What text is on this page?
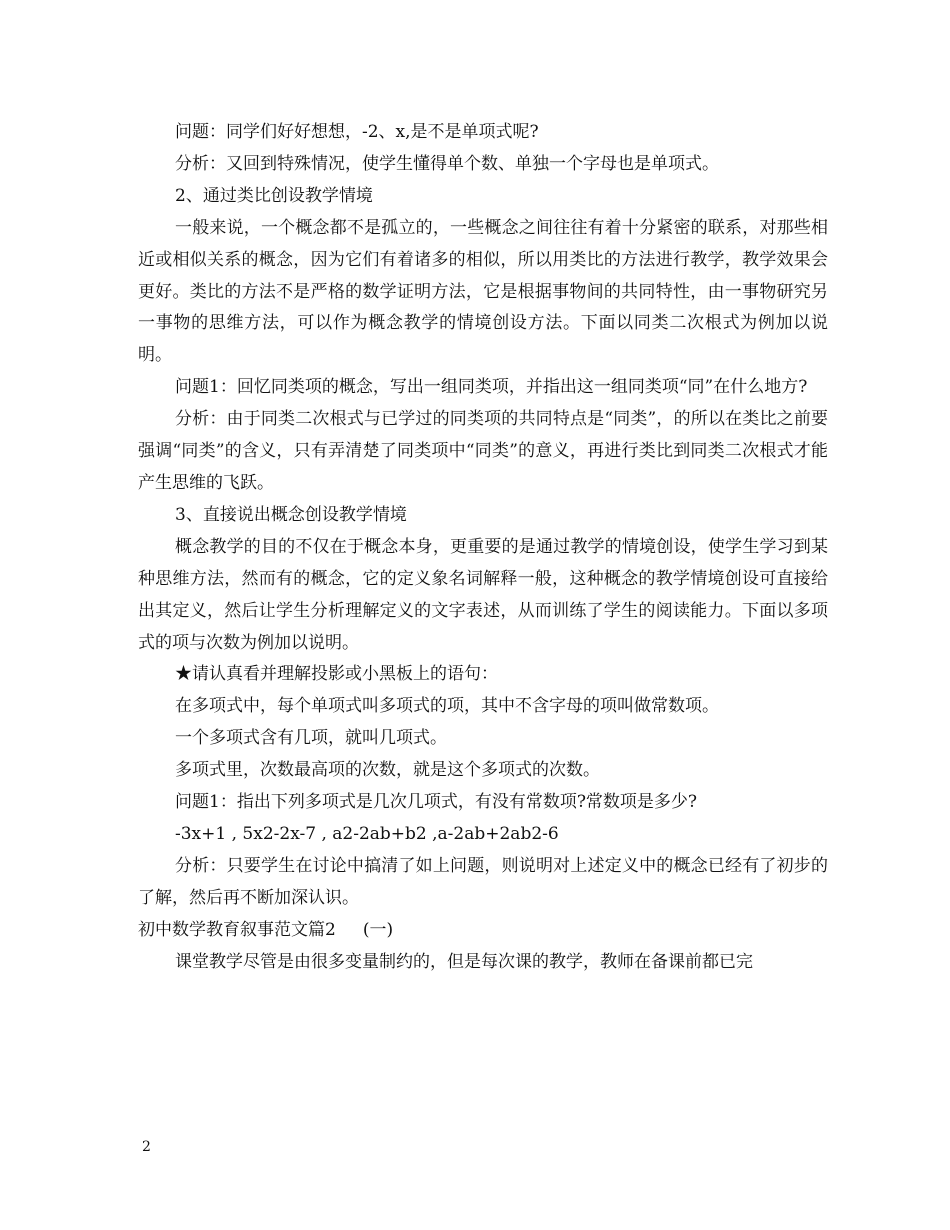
问题：同学们好好想想，-2、x,是不是单项式呢?

分析：又回到特殊情况，使学生懂得单个数、单独一个字母也是单项式。

2、通过类比创设教学情境

一般来说，一个概念都不是孤立的，一些概念之间往往有着十分紧密的联系，对那些相近或相似关系的概念，因为它们有着诸多的相似，所以用类比的方法进行教学，教学效果会更好。类比的方法不是严格的数学证明方法，它是根据事物间的共同特性，由一事物研究另一事物的思维方法，可以作为概念教学的情境创设方法。下面以同类二次根式为例加以说明。

问题1：回忆同类项的概念，写出一组同类项，并指出这一组同类项“同”在什么地方?

分析：由于同类二次根式与已学过的同类项的共同特点是“同类”，的所以在类比之前要强调“同类”的含义，只有弄清楚了同类项中“同类”的意义，再进行类比到同类二次根式才能产生思维的飞跃。

3、直接说出概念创设教学情境

概念教学的目的不仅在于概念本身，更重要的是通过教学的情境创设，使学生学习到某种思维方法，然而有的概念，它的定义象名词解释一般，这种概念的教学情境创设可直接给出其定义，然后让学生分析理解定义的文字表述，从而训练了学生的阅读能力。下面以多项式的项与次数为例加以说明。

★请认真看并理解投影或小黑板上的语句：

在多项式中，每个单项式叫多项式的项，其中不含字母的项叫做常数项。

一个多项式含有几项，就叫几项式。

多项式里，次数最高项的次数，就是这个多项式的次数。

问题1：指出下列多项式是几次几项式，有没有常数项?常数项是多少?

-3x+1 , 5x2-2x-7 , a2-2ab+b2 ,a-2ab+2ab2-6

分析：只要学生在讨论中搞清了如上问题，则说明对上述定义中的概念已经有了初步的了解，然后再不断加深认识。

初中数学教育叙事范文篇2     (一)

课堂教学尽管是由很多变量制约的，但是每次课的教学，教师在备课前都已完

2
